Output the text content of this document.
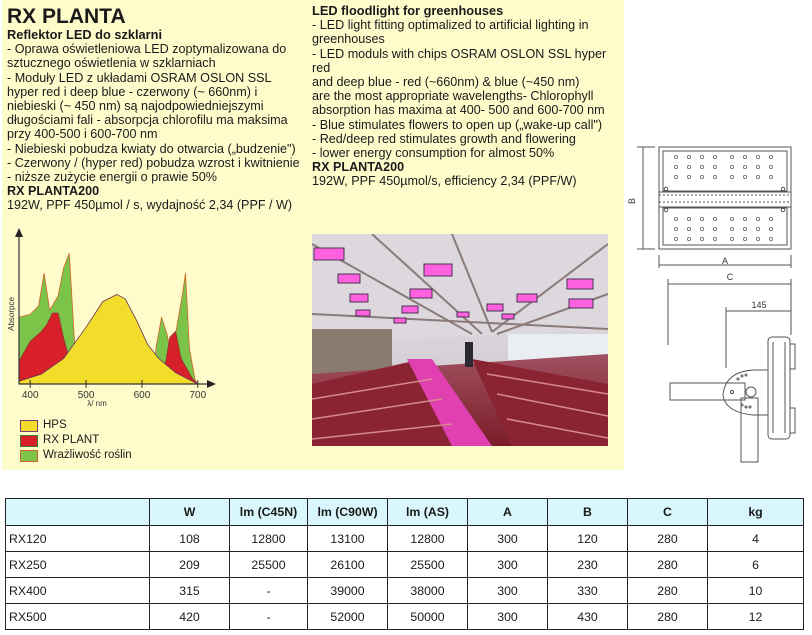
RX PLANTA
Reflektor LED do szklarni
- Oprawa oświetleniowa LED zoptymalizowana do
sztucznego oświetlenia w szklarniach
- Moduły LED z układami OSRAM OSLON SSL
hyper red i deep blue - czerwony (~ 660nm) i
niebieski (~ 450 nm) są najodpowiedniejszymi
długościami fali - absorpcja chlorofilu ma maksima
przy 400-500 i 600-700 nm
- Niebieski pobudza kwiaty do otwarcia („budzenie")
- Czerwony / (hyper red) pobudza wzrost i kwitnienie
- niższe zużycie energii o prawie 50%
RX PLANTA200
192W, PPF 450µmol / s, wydajność 2,34 (PPF / W)
LED floodlight for greenhouses
- LED light fitting optimalized to artificial lighting in
greenhouses
- LED moduls with chips OSRAM OSLON SSL hyper
red
and deep blue - red (~660nm) & blue (~450 nm)
are the most appropriate wavelengths- Chlorophyll
absorption has maxima at 400- 500 and 600-700 nm
- Blue stimulates flowers to open up („wake-up call")
- Red/deep red stimulates growth and flowering
- lower energy consumption for almost 50%
RX PLANTA200
192W, PPF 450µmol/s, efficiency 2,34 (PPF/W)
400	500	600	700
Absorpce
λ/ nm
HPS
RX PLANT
Wrażliwość roślin
B
A
C
145
	W	lm (C45N)	lm (C90W)	lm (AS)	A	B	C	kg
RX120	108	12800	13100	12800	300	120	280	4
RX250	209	25500	26100	25500	300	230	280	6
RX400	315	-	39000	38000	300	330	280	10
RX500	420	-	52000	50000	300	430	280	12
